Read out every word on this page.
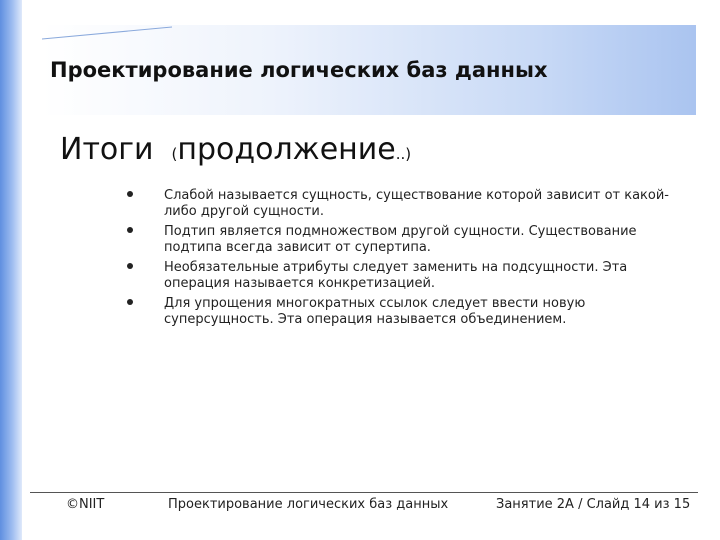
Проектирование логических баз данных
Итоги (продолжение..)
Слабой называется сущность, существование которой зависит от какой-либо другой сущности.
Подтип является подмножеством другой сущности. Существование подтипа всегда зависит от супертипа.
Необязательные атрибуты следует заменить на подсущности. Эта операция называется конкретизацией.
Для упрощения многократных ссылок следует ввести новую суперсущность. Эта операция называется объединением.
©NIIT	Проектирование логических баз данных	Занятие 2A / Слайд 14 из 15
